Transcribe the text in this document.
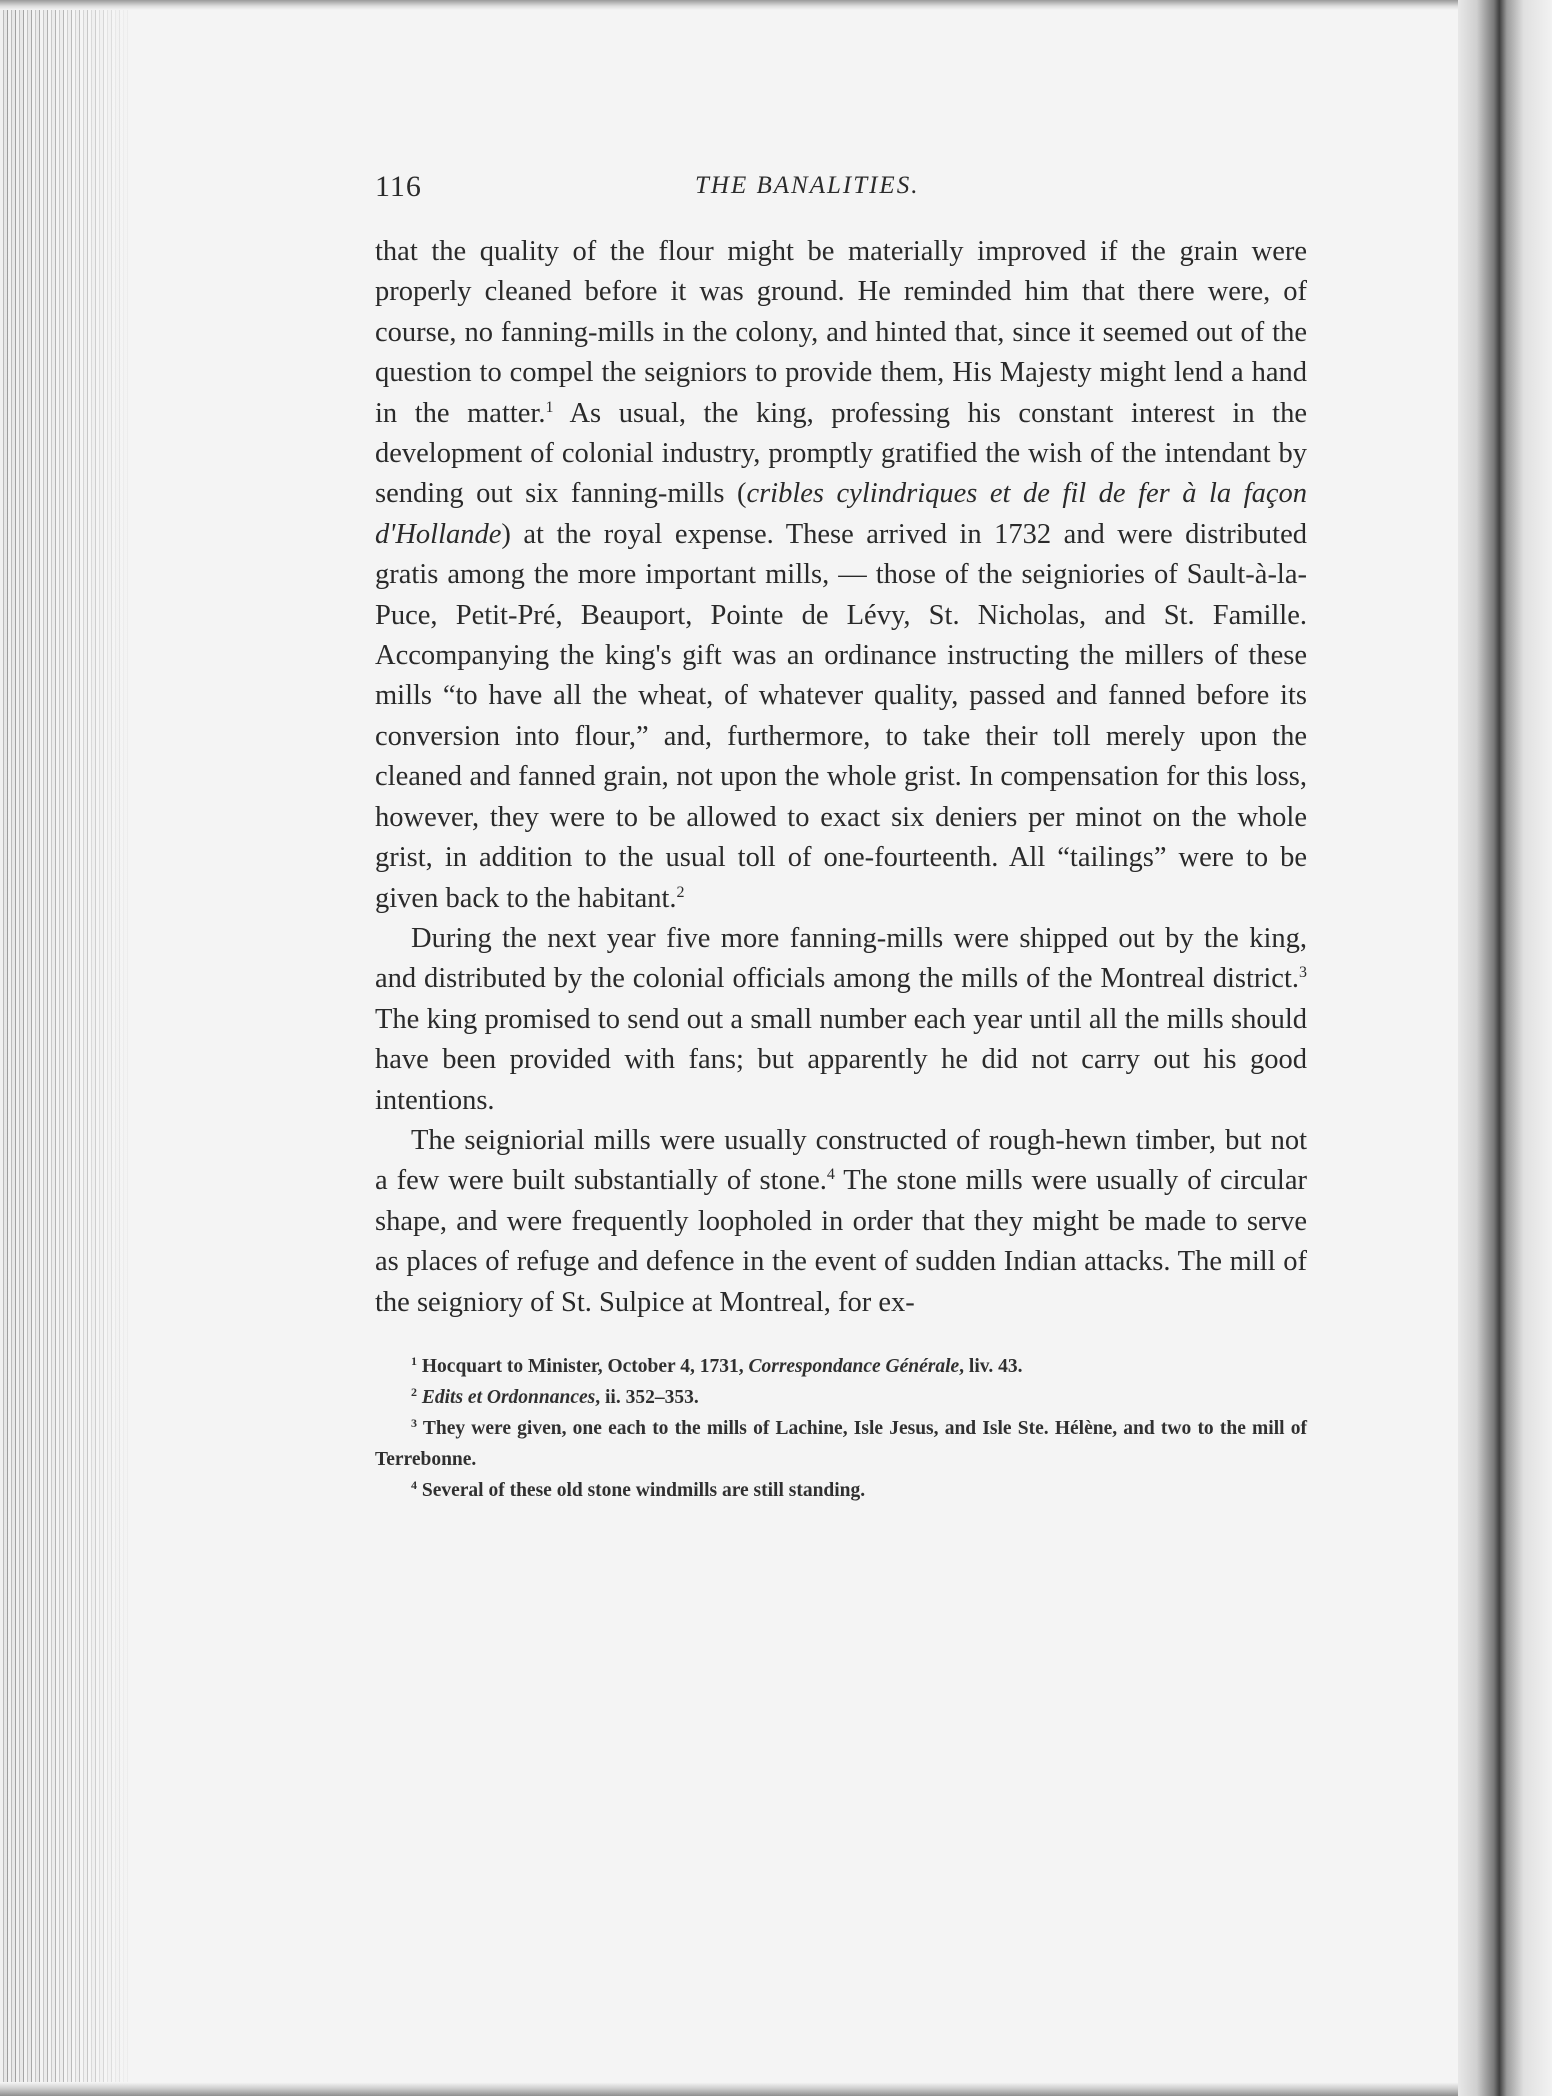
116	THE BANALITIES.

that the quality of the flour might be materially improved if the grain were properly cleaned before it was ground. He reminded him that there were, of course, no fanning-mills in the colony, and hinted that, since it seemed out of the question to compel the seigniors to provide them, His Majesty might lend a hand in the matter.$^1$ As usual, the king, professing his constant interest in the development of colonial industry, promptly gratified the wish of the intendant by sending out six fanning-mills (cribles cylindriques et de fil de fer à la façon d'Hollande) at the royal expense. These arrived in 1732 and were distributed gratis among the more important mills, — those of the seigniories of Sault-à-la-Puce, Petit-Pré, Beauport, Pointe de Lévy, St. Nicholas, and St. Famille. Accompanying the king's gift was an ordinance instructing the millers of these mills “to have all the wheat, of whatever quality, passed and fanned before its conversion into flour,” and, furthermore, to take their toll merely upon the cleaned and fanned grain, not upon the whole grist. In compensation for this loss, however, they were to be allowed to exact six deniers per minot on the whole grist, in addition to the usual toll of one-fourteenth. All “tailings” were to be given back to the habitant.$^2$

During the next year five more fanning-mills were shipped out by the king, and distributed by the colonial officials among the mills of the Montreal district.$^3$ The king promised to send out a small number each year until all the mills should have been provided with fans; but apparently he did not carry out his good intentions.

The seigniorial mills were usually constructed of rough-hewn timber, but not a few were built substantially of stone.$^4$ The stone mills were usually of circular shape, and were frequently loopholed in order that they might be made to serve as places of refuge and defence in the event of sudden Indian attacks. The mill of the seigniory of St. Sulpice at Montreal, for ex-

$^1$ Hocquart to Minister, October 4, 1731, Correspondance Générale, liv. 43.

$^2$ Edits et Ordonnances, ii. 352–353.

$^3$ They were given, one each to the mills of Lachine, Isle Jesus, and Isle Ste. Hélène, and two to the mill of Terrebonne.

$^4$ Several of these old stone windmills are still standing.
